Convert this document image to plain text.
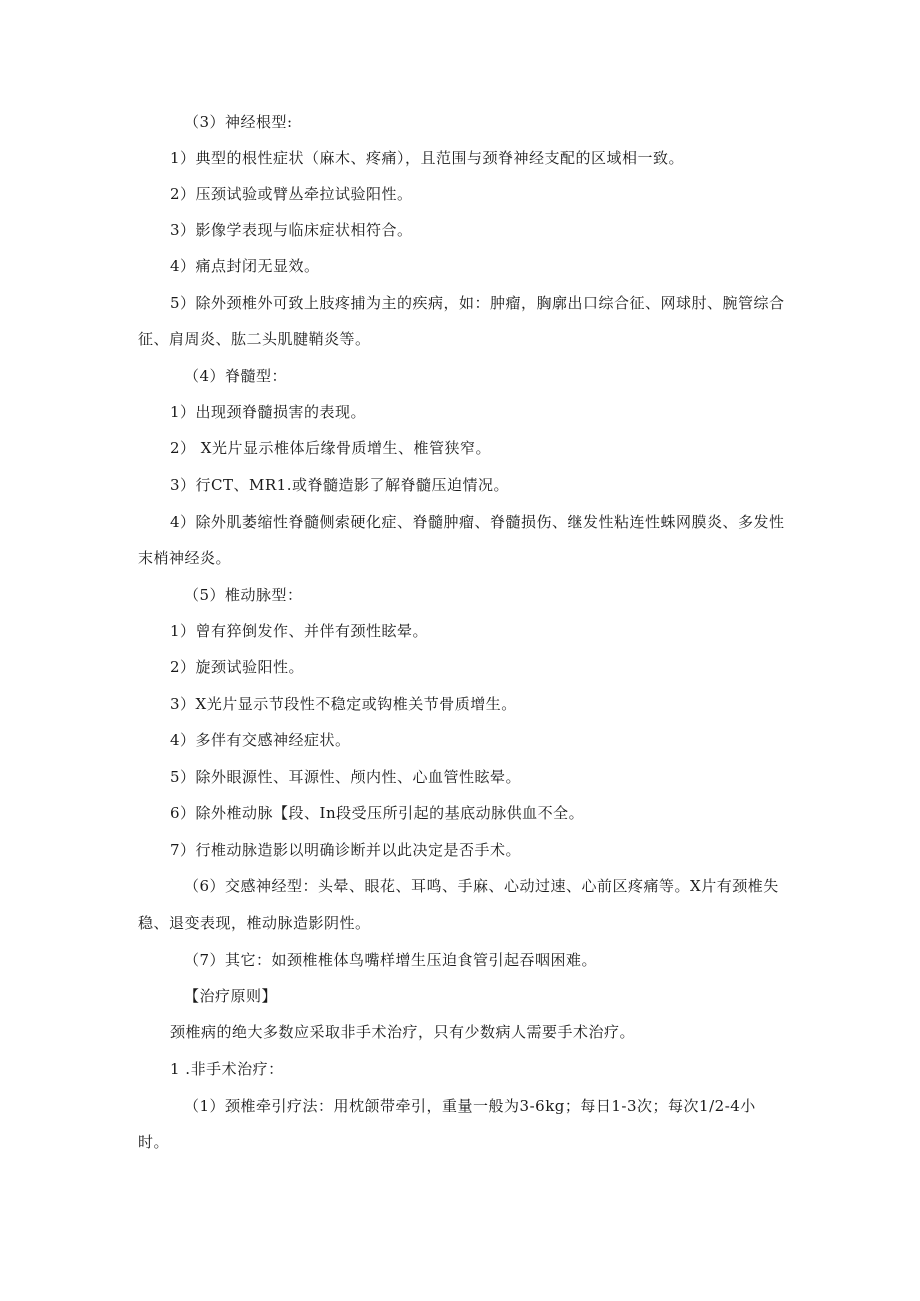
（3）神经根型:
1）典型的根性症状（麻木、疼痛），且范围与颈脊神经支配的区域相一致。
2）压颈试验或臂丛牵拉试验阳性。
3）影像学表现与临床症状相符合。
4）痛点封闭无显效。
5）除外颈椎外可致上肢疼捕为主的疾病，如：肿瘤，胸廓出口综合征、网球肘、腕管综合
征、肩周炎、肱二头肌腱鞘炎等。
（4）脊髓型：
1）出现颈脊髓损害的表现。
2） X光片显示椎体后缘骨质增生、椎管狭窄。
3）行CT、MR1.或脊髓造影了解脊髓压迫情况。
4）除外肌萎缩性脊髓侧索硬化症、脊髓肿瘤、脊髓损伤、继发性粘连性蛛网膜炎、多发性
末梢神经炎。
（5）椎动脉型：
1）曾有猝倒发作、并伴有颈性眩晕。
2）旋颈试验阳性。
3）X光片显示节段性不稳定或钩椎关节骨质增生。
4）多伴有交感神经症状。
5）除外眼源性、耳源性、颅内性、心血管性眩晕。
6）除外椎动脉【段、In段受压所引起的基底动脉供血不全。
7）行椎动脉造影以明确诊断并以此决定是否手术。
（6）交感神经型：头晕、眼花、耳鸣、手麻、心动过速、心前区疼痛等。X片有颈椎失
稳、退变表现，椎动脉造影阴性。
（7）其它：如颈椎椎体鸟嘴样增生压迫食管引起吞咽困难。
【治疗原则】
颈椎病的绝大多数应采取非手术治疗，只有少数病人需要手术治疗。
1 .非手术治疗：
（1）颈椎牵引疗法：用枕颌带牵引，重量一般为3-6kg；每日1-3次；每次1/2-4小
时。
